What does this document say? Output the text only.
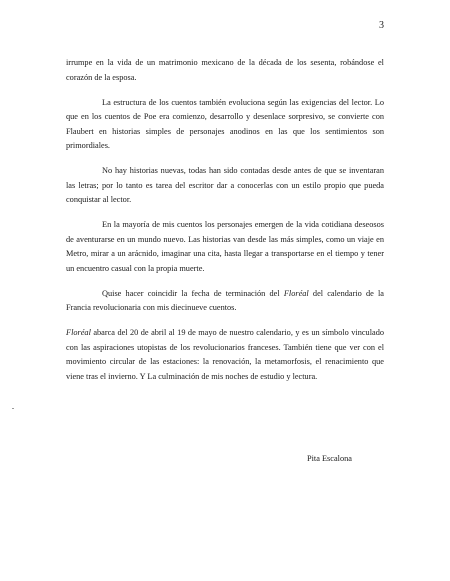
3

irrumpe en la vida de un matrimonio mexicano de la década de los sesenta, robándose el corazón de la esposa.

La estructura de los cuentos también evoluciona según las exigencias del lector. Lo que en los cuentos de Poe era comienzo, desarrollo y desenlace sorpresivo, se convierte con Flaubert en historias simples de personajes anodinos en las que los sentimientos son primordiales.

No hay historias nuevas, todas han sido contadas desde antes de que se inventaran las letras; por lo tanto es tarea del escritor dar a conocerlas con un estilo propio que pueda conquistar al lector.

En la mayoría de mis cuentos los personajes emergen de la vida cotidiana deseosos de aventurarse en un mundo nuevo. Las historias van desde las más simples, como un viaje en Metro, mirar a un arácnido, imaginar una cita, hasta llegar a transportarse en el tiempo y tener un encuentro casual con la propia muerte.

Quise hacer coincidir la fecha de terminación del Floréal del calendario de la Francia revolucionaria con mis diecinueve cuentos.

Floréal abarca del 20 de abril al 19 de mayo de nuestro calendario, y es un símbolo vinculado con las aspiraciones utopistas de los revolucionarios franceses. También tiene que ver con el movimiento circular de las estaciones: la renovación, la metamorfosis, el renacimiento que viene tras el invierno. Y La culminación de mis noches de estudio y lectura.

Pita Escalona
